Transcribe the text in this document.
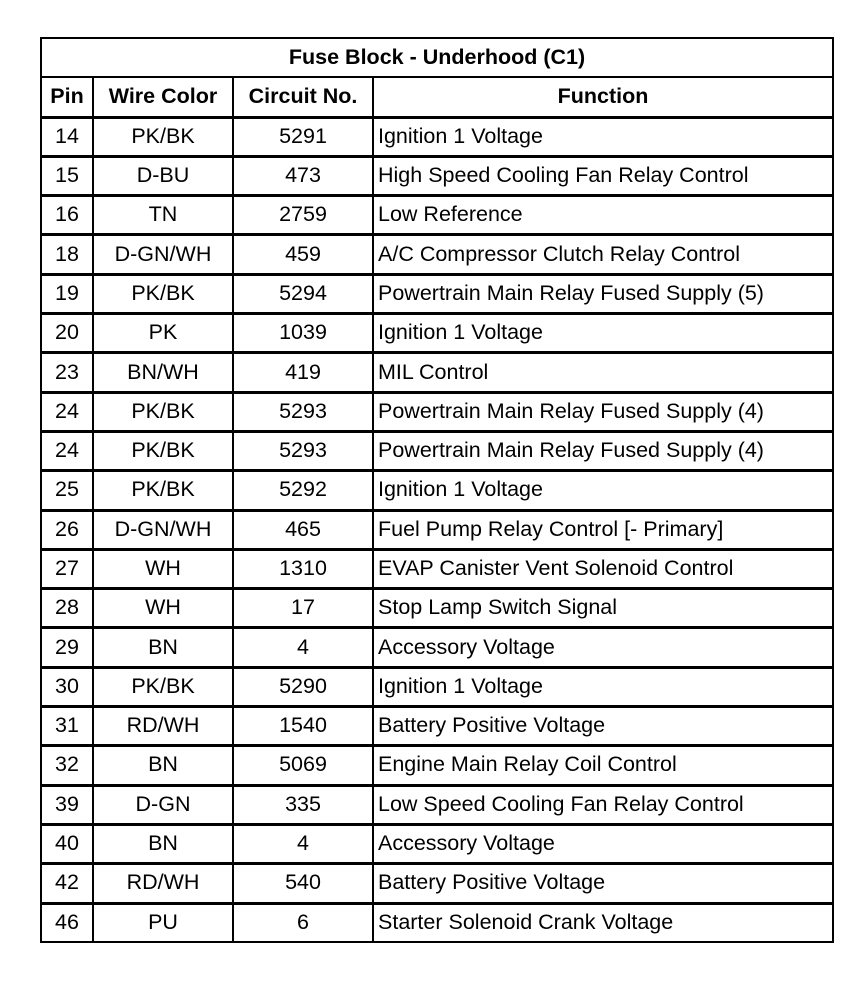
Fuse Block - Underhood (C1)			
Pin	Wire Color	Circuit No.	Function
14	PK/BK	5291	Ignition 1 Voltage
15	D-BU	473	High Speed Cooling Fan Relay Control
16	TN	2759	Low Reference
18	D-GN/WH	459	A/C Compressor Clutch Relay Control
19	PK/BK	5294	Powertrain Main Relay Fused Supply (5)
20	PK	1039	Ignition 1 Voltage
23	BN/WH	419	MIL Control
24	PK/BK	5293	Powertrain Main Relay Fused Supply (4)
24	PK/BK	5293	Powertrain Main Relay Fused Supply (4)
25	PK/BK	5292	Ignition 1 Voltage
26	D-GN/WH	465	Fuel Pump Relay Control [- Primary]
27	WH	1310	EVAP Canister Vent Solenoid Control
28	WH	17	Stop Lamp Switch Signal
29	BN	4	Accessory Voltage
30	PK/BK	5290	Ignition 1 Voltage
31	RD/WH	1540	Battery Positive Voltage
32	BN	5069	Engine Main Relay Coil Control
39	D-GN	335	Low Speed Cooling Fan Relay Control
40	BN	4	Accessory Voltage
42	RD/WH	540	Battery Positive Voltage
46	PU	6	Starter Solenoid Crank Voltage
